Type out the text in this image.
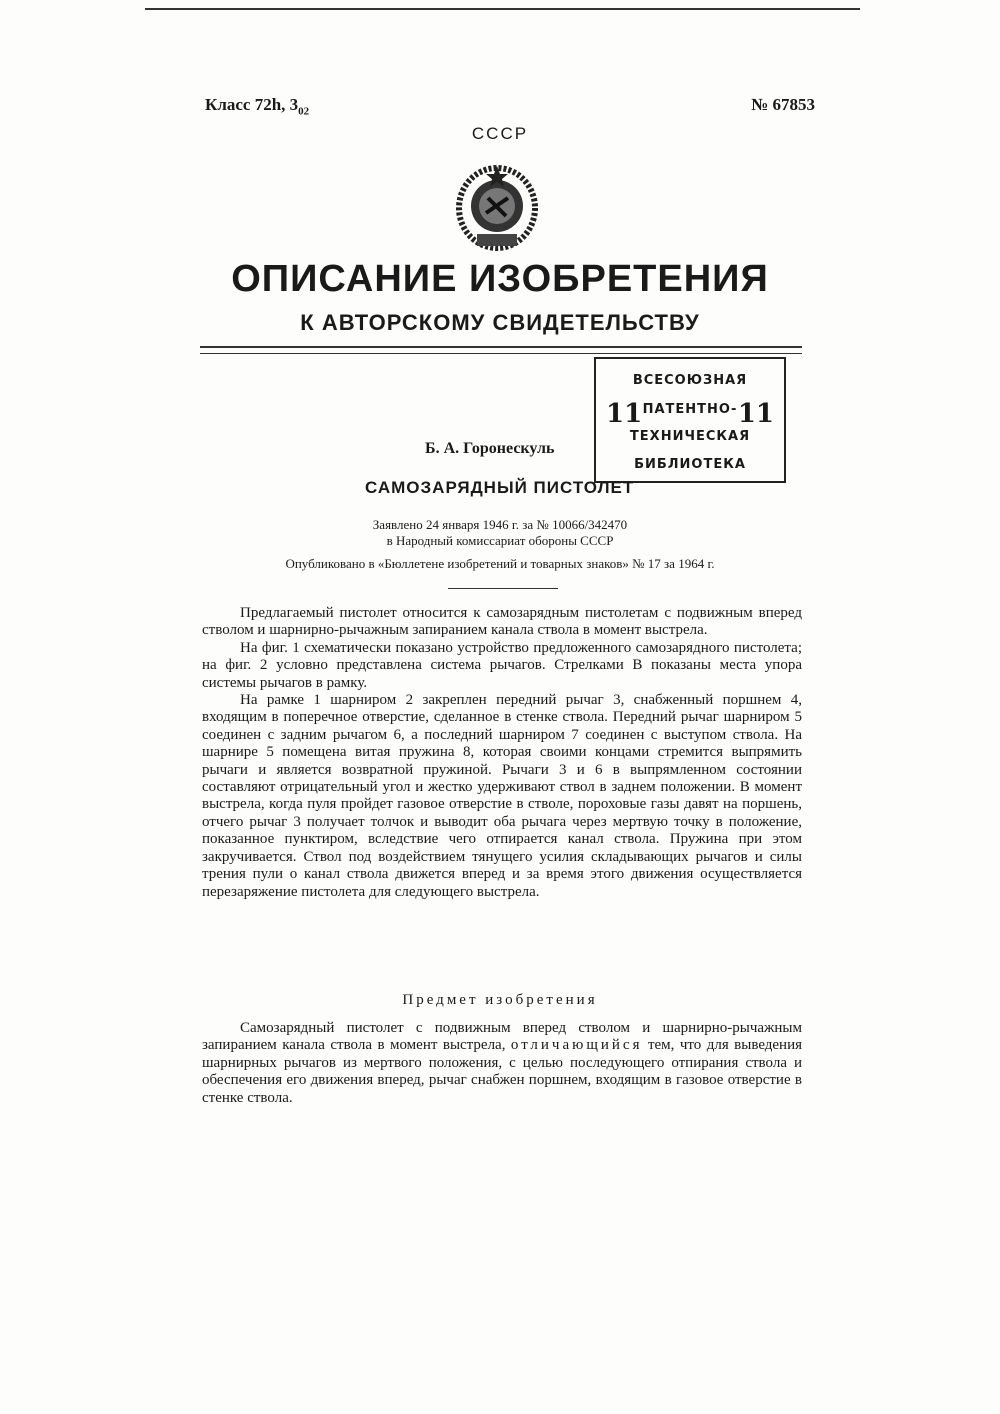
Класс 72h, $3_{02}$	№ 67853
СССР
ОПИСАНИЕ ИЗОБРЕТЕНИЯ
К АВТОРСКОМУ СВИДЕТЕЛЬСТВУ
11	11
ВСЕСОЮЗНАЯ
ПАТЕНТНО-
ТЕХНИЧЕСКАЯ
БИБЛИОТЕКА
Б. А. Горонескуль
САМОЗАРЯДНЫЙ ПИСТОЛЕТ
Заявлено 24 января 1946 г. за № 10066/342470
в Народный комиссариат обороны СССР
Опубликовано в «Бюллетене изобретений и товарных знаков» № 17 за 1964 г.

Предлагаемый пистолет относится к самозарядным пистолетам с подвижным вперед стволом и шарнирно-рычажным запиранием канала ствола в момент выстрела.

На фиг. 1 схематически показано устройство предложенного самозарядного пистолета; на фиг. 2 условно представлена система рычагов. Стрелками В показаны места упора системы рычагов в рамку.

На рамке 1 шарниром 2 закреплен передний рычаг 3, снабженный поршнем 4, входящим в поперечное отверстие, сделанное в стенке ствола. Передний рычаг шарниром 5 соединен с задним рычагом 6, а последний шарниром 7 соединен с выступом ствола. На шарнире 5 помещена витая пружина 8, которая своими концами стремится выпрямить рычаги и является возвратной пружиной. Рычаги 3 и 6 в выпрямленном состоянии составляют отрицательный угол и жестко удерживают ствол в заднем положении. В момент выстрела, когда пуля пройдет газовое отверстие в стволе, пороховые газы давят на поршень, отчего рычаг 3 получает толчок и выводит оба рычага через мертвую точку в положение, показанное пунктиром, вследствие чего отпирается канал ствола. Пружина при этом закручивается. Ствол под воздействием тянущего усилия складывающих рычагов и силы трения пули о канал ствола движется вперед и за время этого движения осуществляется перезаряжение пистолета для следующего выстрела.

Предмет изобретения

Самозарядный пистолет с подвижным вперед стволом и шарнирно-рычажным запиранием канала ствола в момент выстрела, отличающийся тем, что для выведения шарнирных рычагов из мертвого положения, с целью последующего отпирания ствола и обеспечения его движения вперед, рычаг снабжен поршнем, входящим в газовое отверстие в стенке ствола.
